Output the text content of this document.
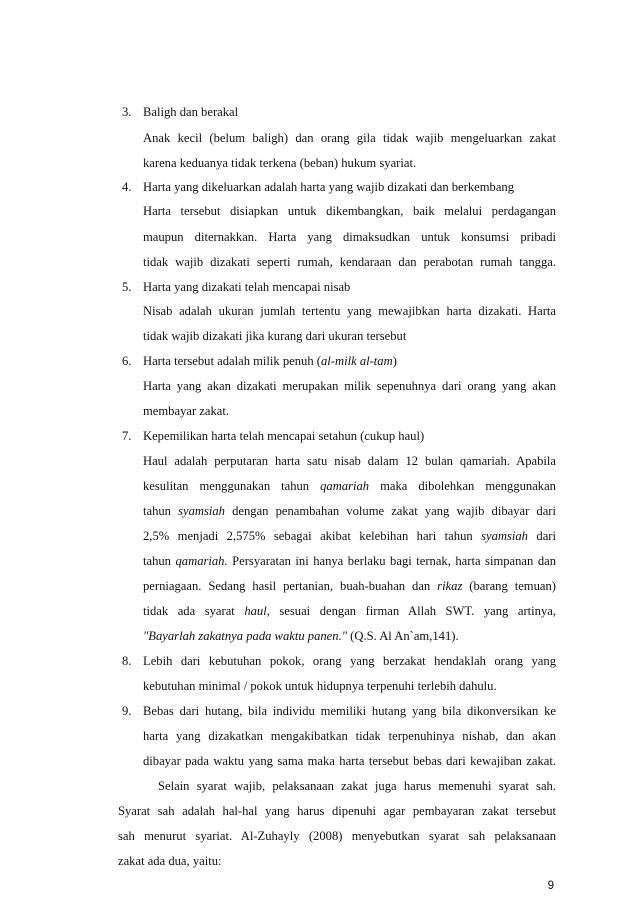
3. Baligh dan berakal
Anak kecil (belum baligh) dan orang gila tidak wajib mengeluarkan zakat
karena keduanya tidak terkena (beban) hukum syariat.
4. Harta yang dikeluarkan adalah harta yang wajib dizakati dan berkembang
Harta tersebut disiapkan untuk dikembangkan, baik melalui perdagangan
maupun diternakkan. Harta yang dimaksudkan untuk konsumsi pribadi
tidak wajib dizakati seperti rumah, kendaraan dan perabotan rumah tangga.
5. Harta yang dizakati telah mencapai nisab
Nisab adalah ukuran jumlah tertentu yang mewajibkan harta dizakati. Harta
tidak wajib dizakati jika kurang dari ukuran tersebut
6. Harta tersebut adalah milik penuh (al-milk al-tam)
Harta yang akan dizakati merupakan milik sepenuhnya dari orang yang akan
membayar zakat.
7. Kepemilikan harta telah mencapai setahun (cukup haul)
Haul adalah perputaran harta satu nisab dalam 12 bulan qamariah. Apabila
kesulitan menggunakan tahun qamariah maka dibolehkan menggunakan
tahun syamsiah dengan penambahan volume zakat yang wajib dibayar dari
2,5% menjadi 2,575% sebagai akibat kelebihan hari tahun syamsiah dari
tahun qamariah. Persyaratan ini hanya berlaku bagi ternak, harta simpanan dan
perniagaan. Sedang hasil pertanian, buah-buahan dan rikaz (barang temuan)
tidak ada syarat haul, sesuai dengan firman Allah SWT. yang artinya,
"Bayarlah zakatnya pada waktu panen." (Q.S. Al An`am,141).
8. Lebih dari kebutuhan pokok, orang yang berzakat hendaklah orang yang
kebutuhan minimal / pokok untuk hidupnya terpenuhi terlebih dahulu.
9. Bebas dari hutang, bila individu memiliki hutang yang bila dikonversikan ke
harta yang dizakatkan mengakibatkan tidak terpenuhinya nishab, dan akan
dibayar pada waktu yang sama maka harta tersebut bebas dari kewajiban zakat.
Selain syarat wajib, pelaksanaan zakat juga harus memenuhi syarat sah.
Syarat sah adalah hal-hal yang harus dipenuhi agar pembayaran zakat tersebut
sah menurut syariat. Al-Zuhayly (2008) menyebutkan syarat sah pelaksanaan
zakat ada dua, yaitu:
9
